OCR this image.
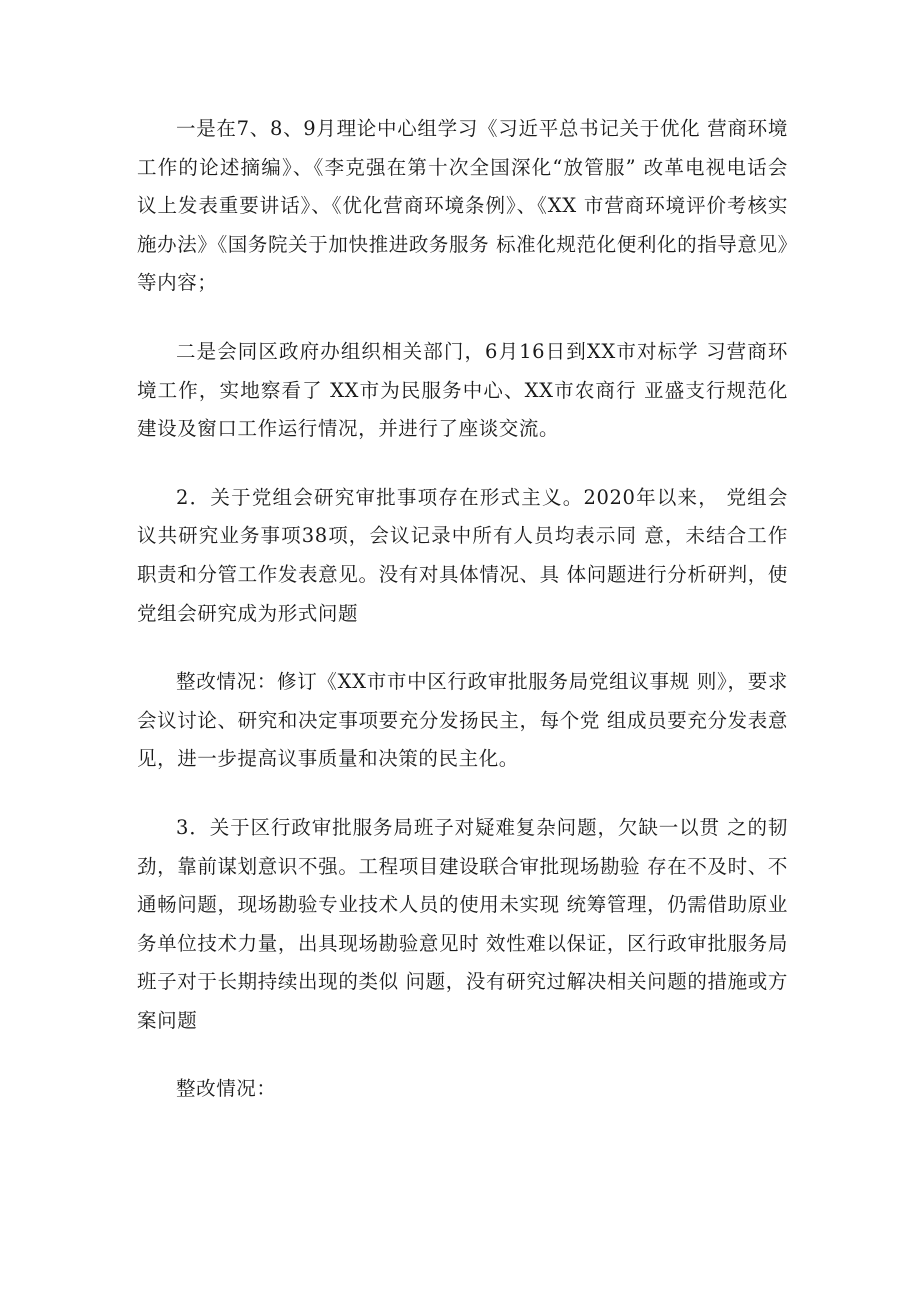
一是在7、8、9月理论中心组学习《习近平总书记关于优化 营商环境工作的论述摘编》、《李克强在第十次全国深化“放管服” 改革电视电话会议上发表重要讲话》、《优化营商环境条例》、《XX 市营商环境评价考核实施办法》《国务院关于加快推进政务服务 标准化规范化便利化的指导意见》等内容；

二是会同区政府办组织相关部门，6月16日到XX市对标学 习营商环境工作，实地察看了 XX市为民服务中心、XX市农商行 亚盛支行规范化建设及窗口工作运行情况，并进行了座谈交流。

2．关于党组会研究审批事项存在形式主义。2020年以来， 党组会议共研究业务事项38项，会议记录中所有人员均表示同 意，未结合工作职责和分管工作发表意见。没有对具体情况、具 体问题进行分析研判，使党组会研究成为形式问题

整改情况：修订《XX市市中区行政审批服务局党组议事规 则》，要求会议讨论、研究和决定事项要充分发扬民主，每个党 组成员要充分发表意见，进一步提高议事质量和决策的民主化。

3．关于区行政审批服务局班子对疑难复杂问题，欠缺一以贯 之的韧劲，靠前谋划意识不强。工程项目建设联合审批现场勘验 存在不及时、不通畅问题，现场勘验专业技术人员的使用未实现 统筹管理，仍需借助原业务单位技术力量，出具现场勘验意见时 效性难以保证，区行政审批服务局班子对于长期持续出现的类似 问题，没有研究过解决相关问题的措施或方案问题

整改情况：
